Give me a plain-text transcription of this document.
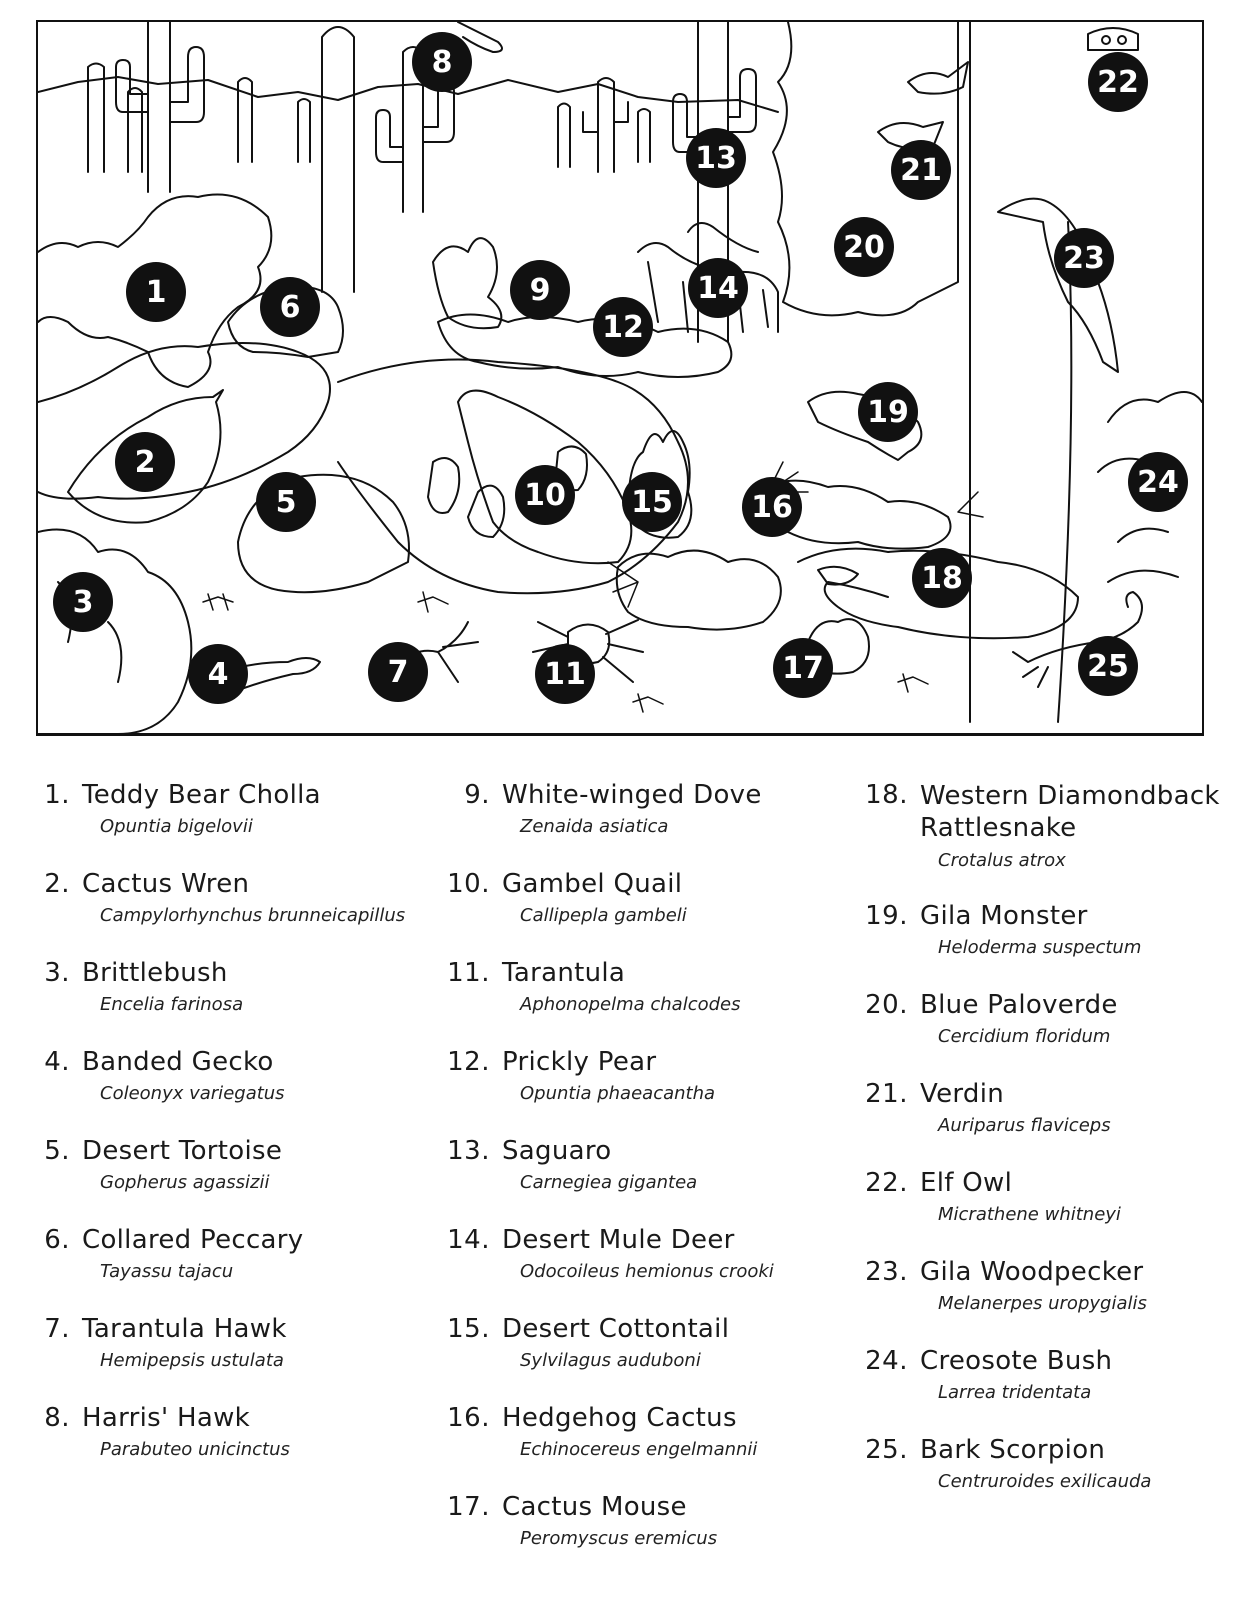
1
2
3
4
5
6
7
8
9
10
11
12
13
14
15	16
17
18
19
20
21
22
23
24
25
1. Teddy Bear Cholla
Opuntia bigelovii
2. Cactus Wren
Campylorhynchus brunneicapillus
3. Brittlebush
Encelia farinosa
4. Banded Gecko
Coleonyx variegatus
5. Desert Tortoise
Gopherus agassizii
6. Collared Peccary
Tayassu tajacu
7. Tarantula Hawk
Hemipepsis ustulata
8. Harris' Hawk
Parabuteo unicinctus
9. White-winged Dove
Zenaida asiatica
10. Gambel Quail
Callipepla gambeli
11. Tarantula
Aphonopelma chalcodes
12. Prickly Pear
Opuntia phaeacantha
13. Saguaro
Carnegiea gigantea
14. Desert Mule Deer
Odocoileus hemionus crooki
15. Desert Cottontail
Sylvilagus auduboni
16. Hedgehog Cactus
Echinocereus engelmannii
17. Cactus Mouse
Peromyscus eremicus
18. Western Diamondback Rattlesnake
Crotalus atrox
19. Gila Monster
Heloderma suspectum
20. Blue Paloverde
Cercidium floridum
21. Verdin
Auriparus flaviceps
22. Elf Owl
Micrathene whitneyi
23. Gila Woodpecker
Melanerpes uropygialis
24. Creosote Bush
Larrea tridentata
25. Bark Scorpion
Centruroides exilicauda
